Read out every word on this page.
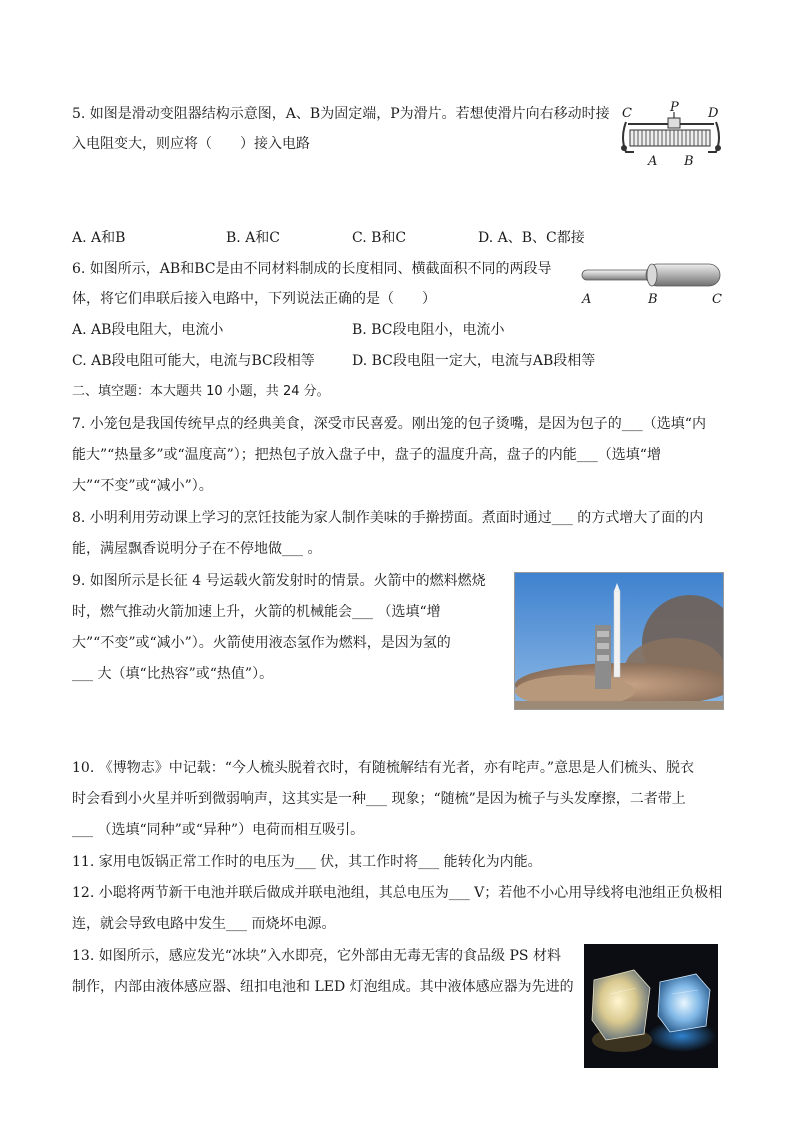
5. 如图是滑动变阻器结构示意图，A、B为固定端，P为滑片。若想使滑片向右移动时接
入电阻变大，则应将（　　）接入电路
C	P D
A B
A. A和B	B. A和C	C. B和C	D. A、B、C都接
6. 如图所示，AB和BC是由不同材料制成的长度相同、横截面积不同的两段导
体，将它们串联后接入电路中，下列说法正确的是（　　）	A	B	C
A. AB段电阻大，电流小	B. BC段电阻小，电流小
C. AB段电阻可能大，电流与BC段相等	D. BC段电阻一定大，电流与AB段相等
二、填空题：本大题共 10 小题，共 24 分。
7. 小笼包是我国传统早点的经典美食，深受市民喜爱。刚出笼的包子烫嘴，是因为包子的___（选填“内
能大”“热量多”或“温度高”）；把热包子放入盘子中，盘子的温度升高，盘子的内能___（选填“增
大”“不变”或“减小”）。
8. 小明利用劳动课上学习的烹饪技能为家人制作美味的手擀捞面。煮面时通过___ 的方式增大了面的内
能，满屋飘香说明分子在不停地做___ 。
9. 如图所示是长征 4 号运载火箭发射时的情景。火箭中的燃料燃烧
时，燃气推动火箭加速上升，火箭的机械能会___ （选填“增
大”“不变”或“减小”）。火箭使用液态氢作为燃料，是因为氢的
___ 大（填“比热容”或“热值”）。
10. 《博物志》中记载：“今人梳头脱着衣时，有随梳解结有光者，亦有咤声。”意思是人们梳头、脱衣
时会看到小火星并听到微弱响声，这其实是一种___ 现象；“随梳”是因为梳子与头发摩擦，二者带上
___ （选填“同种”或“异种”）电荷而相互吸引。
11. 家用电饭锅正常工作时的电压为___ 伏，其工作时将___ 能转化为内能。
12. 小聪将两节新干电池并联后做成并联电池组，其总电压为___ V；若他不小心用导线将电池组正负极相
连，就会导致电路中发生___ 而烧坏电源。
13. 如图所示，感应发光“冰块”入水即亮，它外部由无毒无害的食品级 PS 材料
制作，内部由液体感应器、纽扣电池和 LED 灯泡组成。其中液体感应器为先进的
